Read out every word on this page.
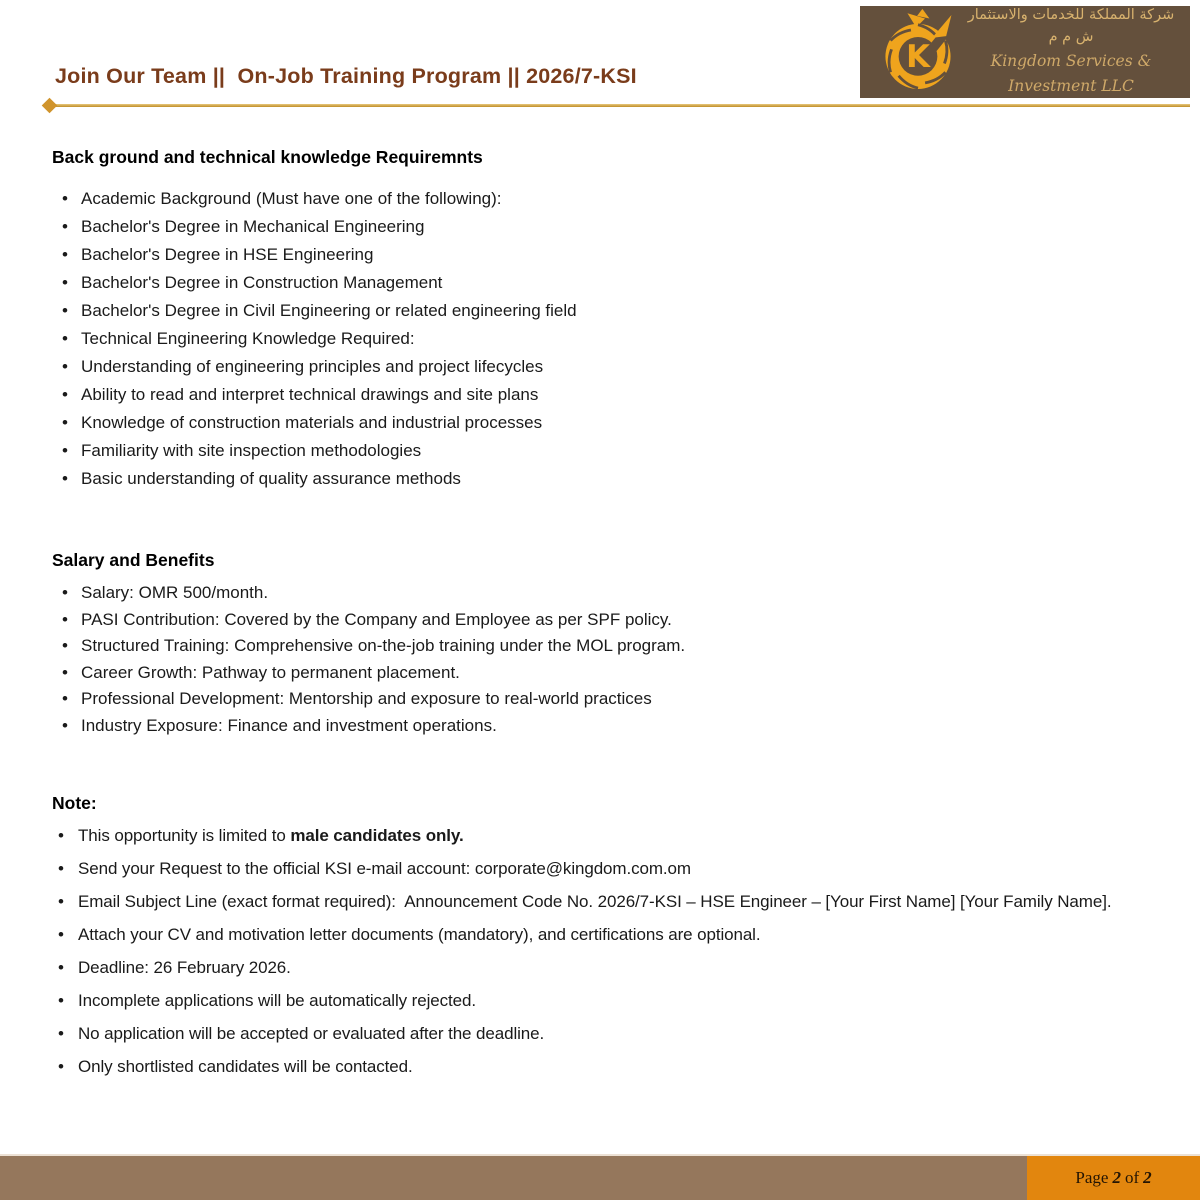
Join Our Team ||  On-Job Training Program || 2026/7-KSI
K
شركة المملكة للخدمات والاستثمار ش م م
Kingdom Services & Investment LLC
Back ground and technical knowledge Requiremnts
• Academic Background (Must have one of the following):
• Bachelor's Degree in Mechanical Engineering
• Bachelor's Degree in HSE Engineering
• Bachelor's Degree in Construction Management
• Bachelor's Degree in Civil Engineering or related engineering field
• Technical Engineering Knowledge Required:
• Understanding of engineering principles and project lifecycles
• Ability to read and interpret technical drawings and site plans
• Knowledge of construction materials and industrial processes
• Familiarity with site inspection methodologies
• Basic understanding of quality assurance methods
Salary and Benefits
• Salary: OMR 500/month.
• PASI Contribution: Covered by the Company and Employee as per SPF policy.
• Structured Training: Comprehensive on-the-job training under the MOL program.
• Career Growth: Pathway to permanent placement.
• Professional Development: Mentorship and exposure to real-world practices
• Industry Exposure: Finance and investment operations.
Note:
• This opportunity is limited to male candidates only.
• Send your Request to the official KSI e-mail account: corporate@kingdom.com.om
• Email Subject Line (exact format required):  Announcement Code No. 2026/7-KSI – HSE Engineer – [Your First Name] [Your Family Name].
• Attach your CV and motivation letter documents (mandatory), and certifications are optional.
• Deadline: 26 February 2026.
• Incomplete applications will be automatically rejected.
• No application will be accepted or evaluated after the deadline.
• Only shortlisted candidates will be contacted.
Page 2 of 2
